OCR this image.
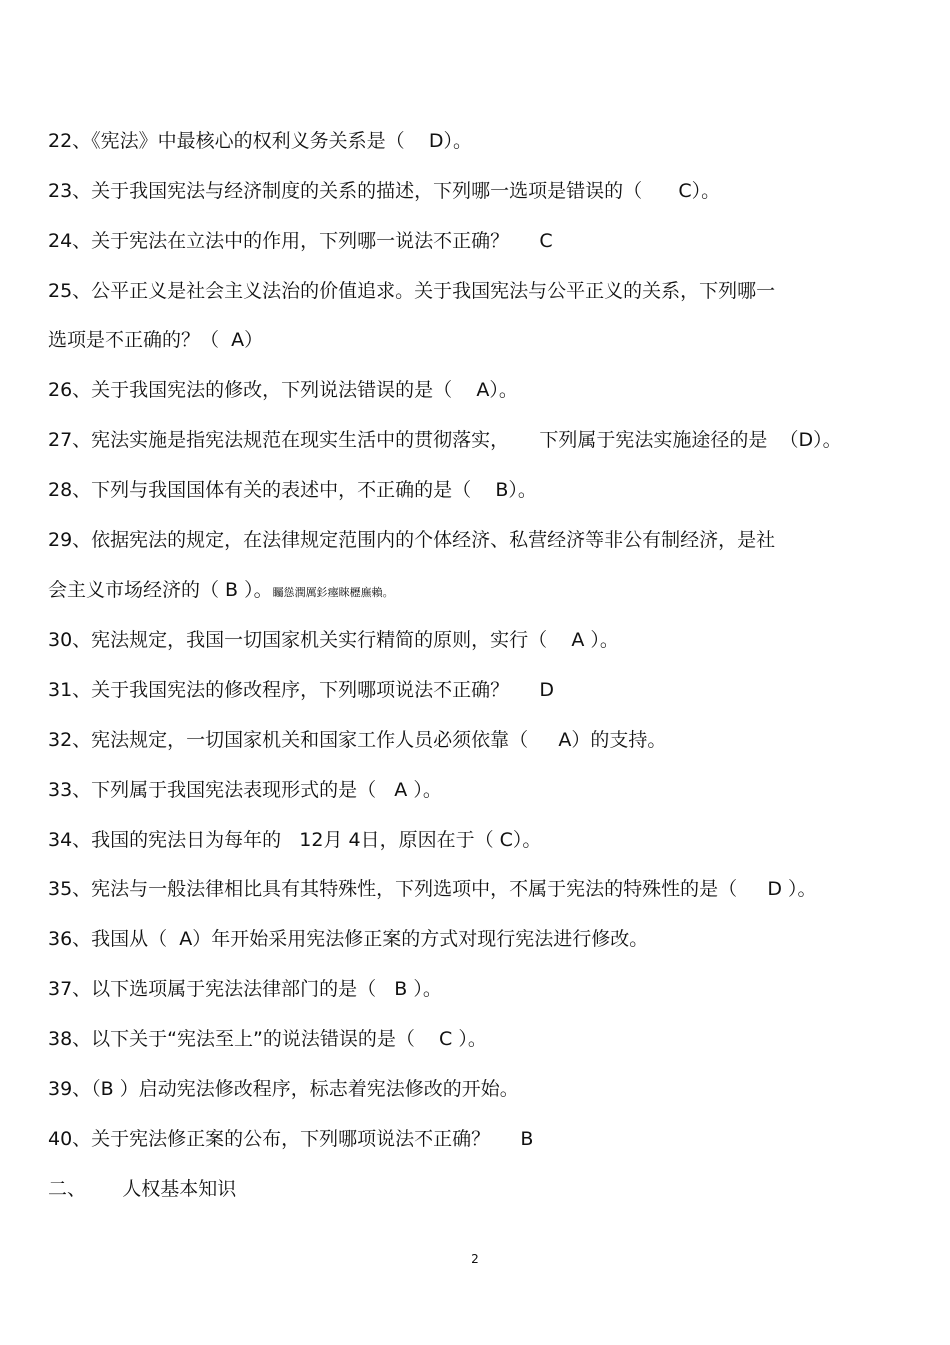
22、《宪法》中最核心的权利义务关系是（    D）。
23、关于我国宪法与经济制度的关系的描述，下列哪一选项是错误的（      C）。
24、关于宪法在立法中的作用，下列哪一说法不正确？     C
25、公平正义是社会主义法治的价值追求。关于我国宪法与公平正义的关系，下列哪一
选项是不正确的？（  A）
26、关于我国宪法的修改，下列说法错误的是（    A）。
27、宪法实施是指宪法规范在现实生活中的贯彻落实，     下列属于宪法实施途径的是  （D）。
28、下列与我国国体有关的表述中，不正确的是（    B）。
29、依据宪法的规定，在法律规定范围内的个体经济、私营经济等非公有制经济，是社
会主义市场经济的（ B ）。矚慫潤厲釤瘞睞櫪廡賴。
30、宪法规定，我国一切国家机关实行精简的原则，实行（    A ）。
31、关于我国宪法的修改程序，下列哪项说法不正确？     D
32、宪法规定，一切国家机关和国家工作人员必须依靠（     A）的支持。
33、下列属于我国宪法表现形式的是（   A ）。
34、我国的宪法日为每年的   12月 4日，原因在于（ C）。
35、宪法与一般法律相比具有其特殊性，下列选项中，不属于宪法的特殊性的是（     D ）。
36、我国从（  A）年开始采用宪法修正案的方式对现行宪法进行修改。
37、以下选项属于宪法法律部门的是（   B ）。
38、以下关于“宪法至上”的说法错误的是（    C ）。
39、（B ）启动宪法修改程序，标志着宪法修改的开始。
40、关于宪法修正案的公布，下列哪项说法不正确？     B
二、      人权基本知识
2
